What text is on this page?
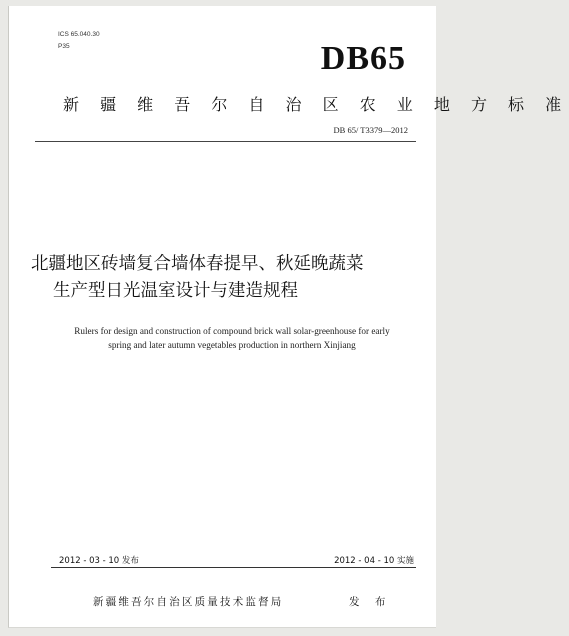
ICS 65.040.30
P35	DB65
新 疆 维 吾 尔 自 治 区 农 业 地 方 标 准
DB 65/ T3379—2012
北疆地区砖墙复合墙体春提早、秋延晚蔬菜
生产型日光温室设计与建造规程
Rulers for design and construction of compound brick wall solar-greenhouse for early
spring and later autumn vegetables production in northern Xinjiang
2012 - 03 - 10 发布	2012 - 04 - 10 实施
新疆维吾尔自治区质量技术监督局	发 布
